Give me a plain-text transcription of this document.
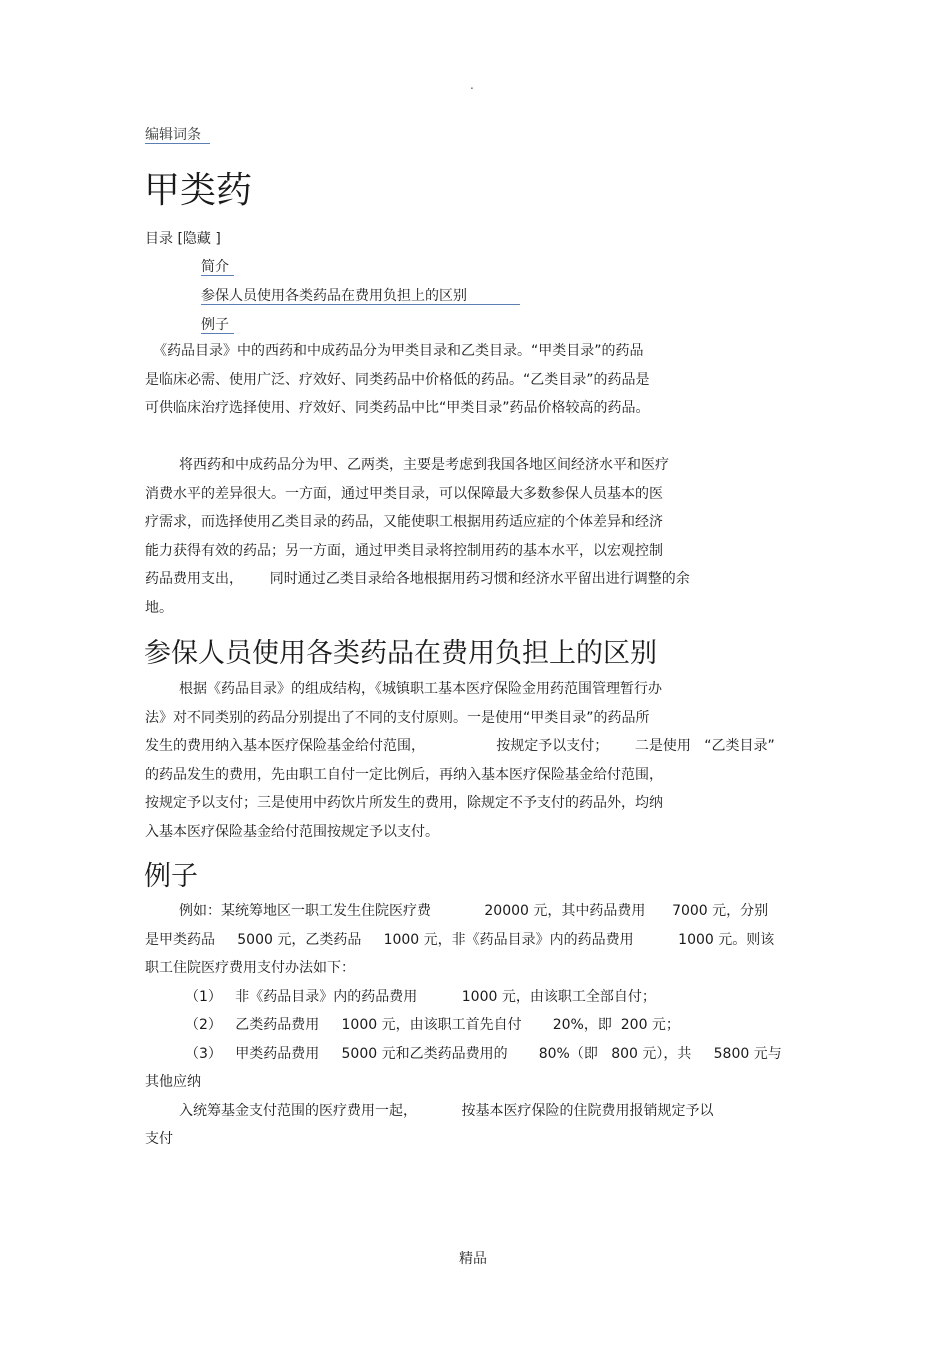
.
编辑词条
甲类药
目录 [隐藏 ]
简介
参保人员使用各类药品在费用负担上的区别
例子
《药品目录》中的西药和中成药品分为甲类目录和乙类目录。“甲类目录”的药品
是临床必需、使用广泛、疗效好、同类药品中价格低的药品。“乙类目录”的药品是
可供临床治疗选择使用、疗效好、同类药品中比“甲类目录”药品价格较高的药品。
将西药和中成药品分为甲、乙两类，主要是考虑到我国各地区间经济水平和医疗
消费水平的差异很大。一方面，通过甲类目录，可以保障最大多数参保人员基本的医
疗需求，而选择使用乙类目录的药品，又能使职工根据用药适应症的个体差异和经济
能力获得有效的药品；另一方面，通过甲类目录将控制用药的基本水平，以宏观控制
药品费用支出，      同时通过乙类目录给各地根据用药习惯和经济水平留出进行调整的余
地。
参保人员使用各类药品在费用负担上的区别
根据《药品目录》的组成结构，《城镇职工基本医疗保险金用药范围管理暂行办
法》对不同类别的药品分别提出了不同的支付原则。一是使用“甲类目录”的药品所
发生的费用纳入基本医疗保险基金给付范围，                按规定予以支付；      二是使用   “乙类目录”
的药品发生的费用，先由职工自付一定比例后，再纳入基本医疗保险基金给付范围，
按规定予以支付；三是使用中药饮片所发生的费用，除规定不予支付的药品外，均纳
入基本医疗保险基金给付范围按规定予以支付。
例子
例如：某统筹地区一职工发生住院医疗费            20000 元，其中药品费用      7000 元，分别
是甲类药品     5000 元，乙类药品     1000 元，非《药品目录》内的药品费用          1000 元。则该
职工住院医疗费用支付办法如下：
（1）   非《药品目录》内的药品费用          1000 元，由该职工全部自付；
（2）   乙类药品费用     1000 元，由该职工首先自付       20%，即  200 元；
（3）   甲类药品费用     5000 元和乙类药品费用的       80%（即   800 元），共     5800 元与
其他应纳
入统筹基金支付范围的医疗费用一起，          按基本医疗保险的住院费用报销规定予以
支付
精品
